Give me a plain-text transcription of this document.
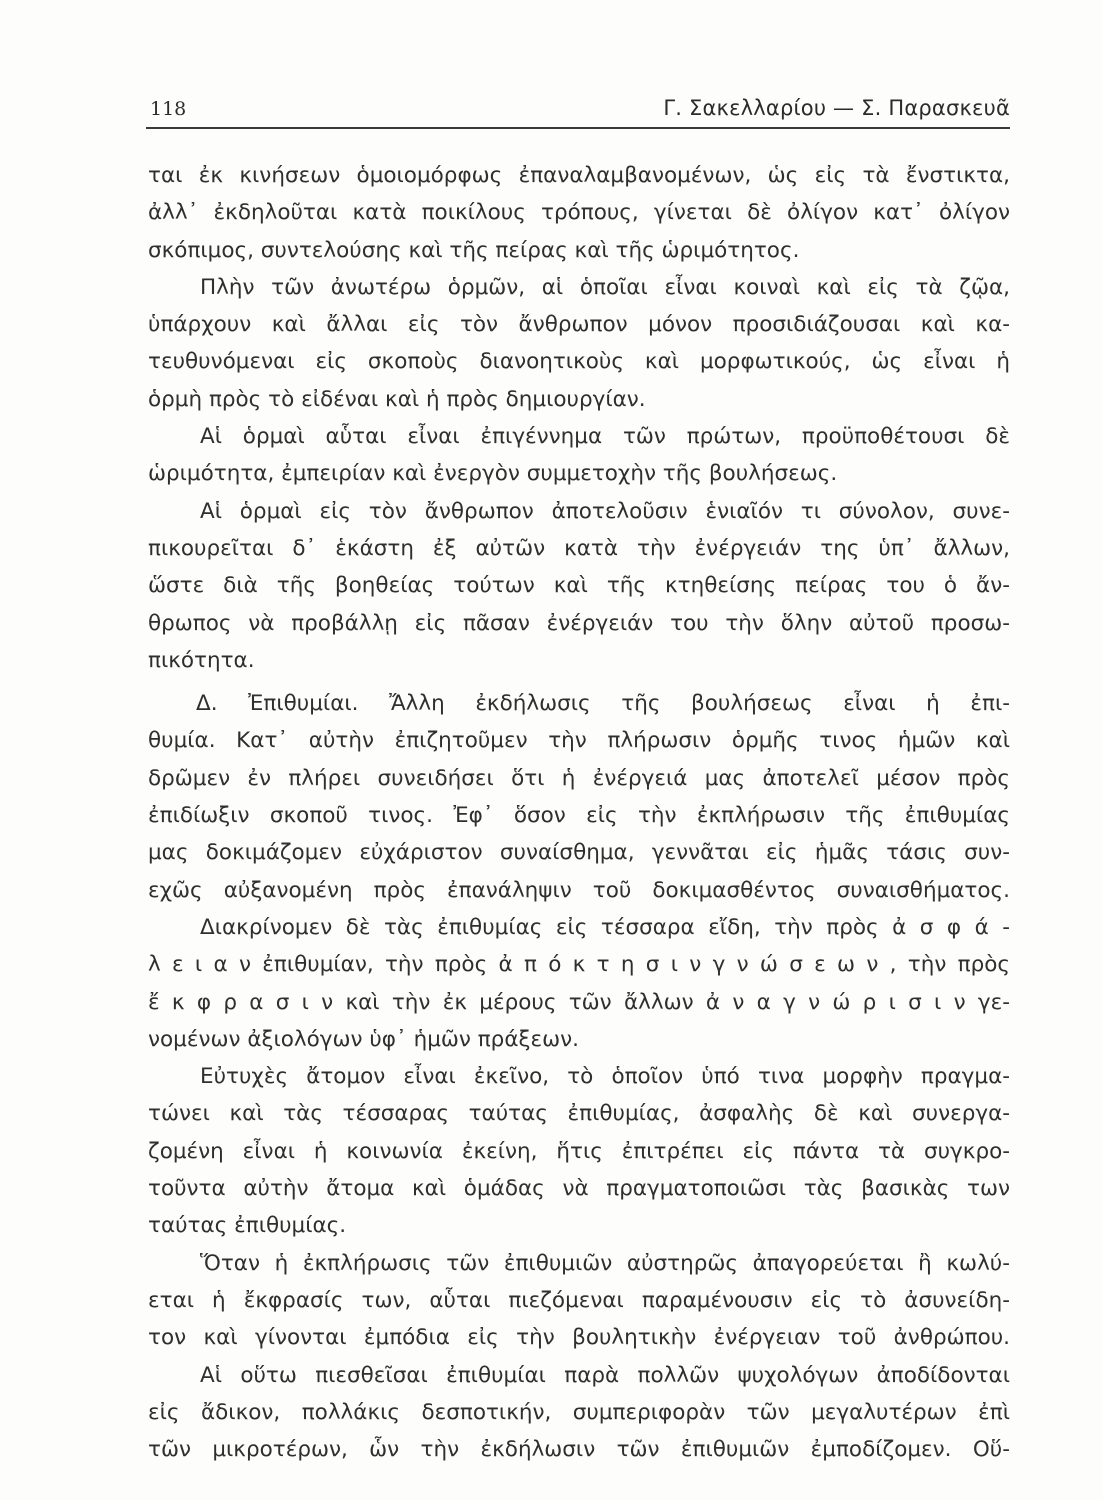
118	Γ. Σακελλαρίου — Σ. Παρασκευᾶ
ται ἐκ κινήσεων ὁμοιομόρφως ἐπαναλαμβανομένων, ὡς εἰς τὰ ἔνστικτα,
ἀλλ᾽ ἐκδηλοῦται κατὰ ποικίλους τρόπους, γίνεται δὲ ὀλίγον κατ᾽ ὀλίγον
σκόπιμος, συντελούσης καὶ τῆς πείρας καὶ τῆς ὡριμότητος.
Πλὴν τῶν ἀνωτέρω ὁρμῶν, αἱ ὁποῖαι εἶναι κοιναὶ καὶ εἰς τὰ ζῷα,
ὑπάρχουν καὶ ἄλλαι εἰς τὸν ἄνθρωπον μόνον προσιδιάζουσαι καὶ κα-
τευθυνόμεναι εἰς σκοποὺς διανοητικοὺς καὶ μορφωτικούς, ὡς εἶναι ἡ
ὁρμὴ πρὸς τὸ εἰδέναι καὶ ἡ πρὸς δημιουργίαν.
Αἱ ὁρμαὶ αὗται εἶναι ἐπιγέννημα τῶν πρώτων, προϋποθέτουσι δὲ
ὡριμότητα, ἐμπειρίαν καὶ ἐνεργὸν συμμετοχὴν τῆς βουλήσεως.
Αἱ ὁρμαὶ εἰς τὸν ἄνθρωπον ἀποτελοῦσιν ἑνιαῖόν τι σύνολον, συνε-
πικουρεῖται δ᾽ ἑκάστη ἐξ αὐτῶν κατὰ τὴν ἐνέργειάν της ὑπ᾽ ἄλλων,
ὥστε διὰ τῆς βοηθείας τούτων καὶ τῆς κτηθείσης πείρας του ὁ ἄν-
θρωπος νὰ προβάλλῃ εἰς πᾶσαν ἐνέργειάν του τὴν ὅλην αὐτοῦ προσω-
πικότητα.
Δ. Ἐπιθυμίαι. Ἄλλη ἐκδήλωσις τῆς βουλήσεως εἶναι ἡ ἐπι-
θυμία. Κατ᾽ αὐτὴν ἐπιζητοῦμεν τὴν πλήρωσιν ὁρμῆς τινος ἡμῶν καὶ
δρῶμεν ἐν πλήρει συνειδήσει ὅτι ἡ ἐνέργειά μας ἀποτελεῖ μέσον πρὸς
ἐπιδίωξιν σκοποῦ τινος. Ἐφ᾽ ὅσον εἰς τὴν ἐκπλήρωσιν τῆς ἐπιθυμίας
μας δοκιμάζομεν εὐχάριστον συναίσθημα, γεννᾶται εἰς ἡμᾶς τάσις συν-
εχῶς αὐξανομένη πρὸς ἐπανάληψιν τοῦ δοκιμασθέντος συναισθήματος.
Διακρίνομεν δὲ τὰς ἐπιθυμίας εἰς τέσσαρα εἴδη, τὴν πρὸς ἀ σ φ ά -
λ ε ι α ν ἐπιθυμίαν, τὴν πρὸς ἀ π ό κ τ η σ ι ν γ ν ώ σ ε ω ν , τὴν πρὸς
ἔ κ φ ρ α σ ι ν καὶ τὴν ἐκ μέρους τῶν ἄλλων ἀ ν α γ ν ώ ρ ι σ ι ν γε-
νομένων ἀξιολόγων ὑφ᾽ ἡμῶν πράξεων.
Εὐτυχὲς ἄτομον εἶναι ἐκεῖνο, τὸ ὁποῖον ὑπό τινα μορφὴν πραγμα-
τώνει καὶ τὰς τέσσαρας ταύτας ἐπιθυμίας, ἀσφαλὴς δὲ καὶ συνεργα-
ζομένη εἶναι ἡ κοινωνία ἐκείνη, ἥτις ἐπιτρέπει εἰς πάντα τὰ συγκρο-
τοῦντα αὐτὴν ἄτομα καὶ ὁμάδας νὰ πραγματοποιῶσι τὰς βασικὰς των
ταύτας ἐπιθυμίας.
Ὅταν ἡ ἐκπλήρωσις τῶν ἐπιθυμιῶν αὐστηρῶς ἀπαγορεύεται ἢ κωλύ-
εται ἡ ἔκφρασίς των, αὗται πιεζόμεναι παραμένουσιν εἰς τὸ ἀσυνείδη-
τον καὶ γίνονται ἐμπόδια εἰς τὴν βουλητικὴν ἐνέργειαν τοῦ ἀνθρώπου.
Αἱ οὕτω πιεσθεῖσαι ἐπιθυμίαι παρὰ πολλῶν ψυχολόγων ἀποδίδονται
εἰς ἄδικον, πολλάκις δεσποτικήν, συμπεριφορὰν τῶν μεγαλυτέρων ἐπὶ
τῶν μικροτέρων, ὧν τὴν ἐκδήλωσιν τῶν ἐπιθυμιῶν ἐμποδίζομεν. Οὕ-
